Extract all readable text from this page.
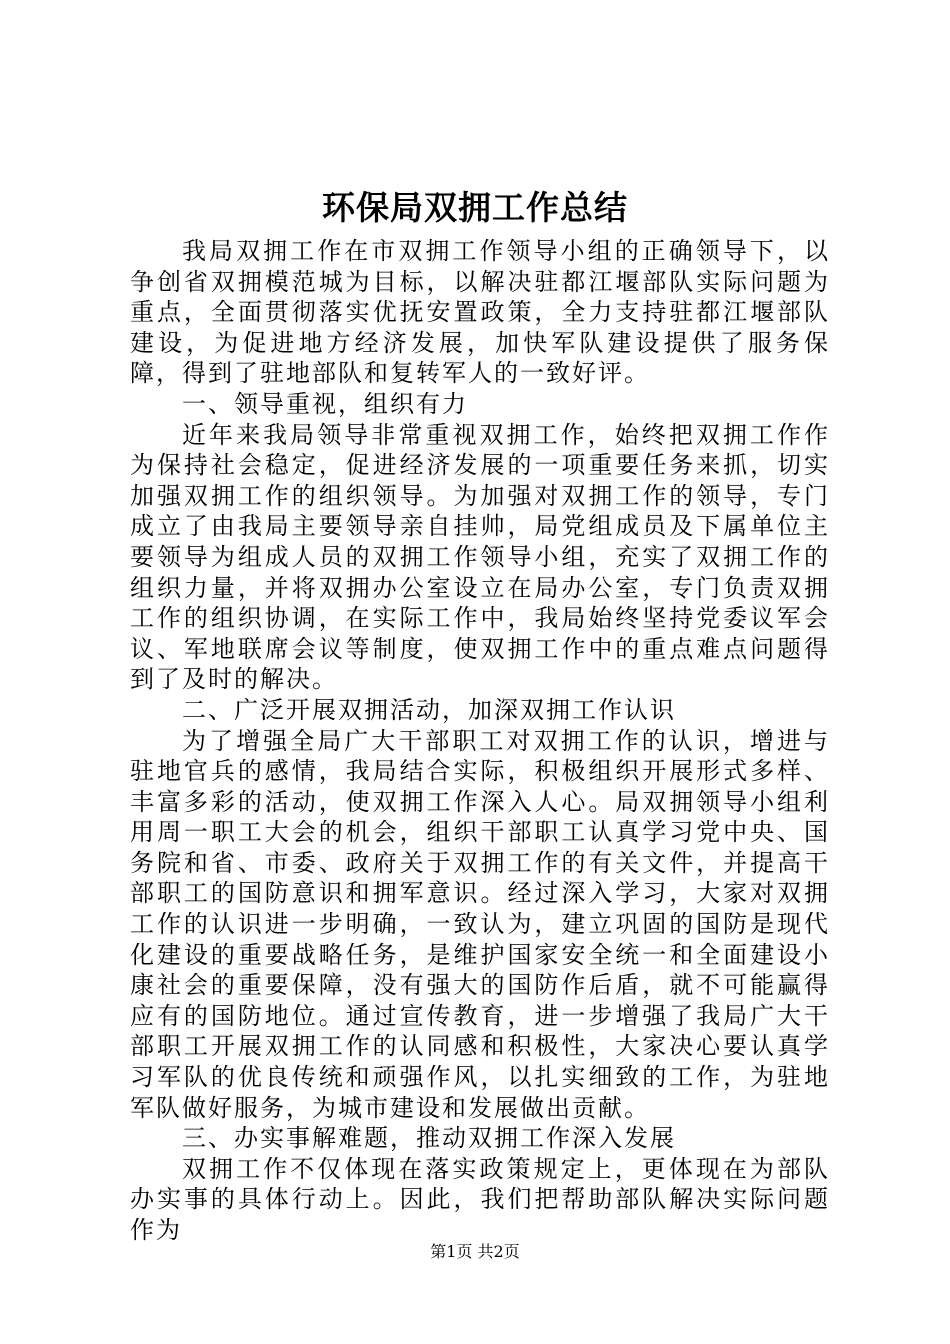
环保局双拥工作总结

我局双拥工作在市双拥工作领导小组的正确领导下，以争创省双拥模范城为目标，以解决驻都江堰部队实际问题为重点，全面贯彻落实优抚安置政策，全力支持驻都江堰部队建设，为促进地方经济发展，加快军队建设提供了服务保障，得到了驻地部队和复转军人的一致好评。

一、领导重视，组织有力

近年来我局领导非常重视双拥工作，始终把双拥工作作为保持社会稳定，促进经济发展的一项重要任务来抓，切实加强双拥工作的组织领导。为加强对双拥工作的领导，专门成立了由我局主要领导亲自挂帅，局党组成员及下属单位主要领导为组成人员的双拥工作领导小组，充实了双拥工作的组织力量，并将双拥办公室设立在局办公室，专门负责双拥工作的组织协调，在实际工作中，我局始终坚持党委议军会议、军地联席会议等制度，使双拥工作中的重点难点问题得到了及时的解决。

二、广泛开展双拥活动，加深双拥工作认识

为了增强全局广大干部职工对双拥工作的认识，增进与驻地官兵的感情，我局结合实际，积极组织开展形式多样、丰富多彩的活动，使双拥工作深入人心。局双拥领导小组利用周一职工大会的机会，组织干部职工认真学习党中央、国务院和省、市委、政府关于双拥工作的有关文件，并提高干部职工的国防意识和拥军意识。经过深入学习，大家对双拥工作的认识进一步明确，一致认为，建立巩固的国防是现代化建设的重要战略任务，是维护国家安全统一和全面建设小康社会的重要保障，没有强大的国防作后盾，就不可能赢得应有的国防地位。通过宣传教育，进一步增强了我局广大干部职工开展双拥工作的认同感和积极性，大家决心要认真学习军队的优良传统和顽强作风，以扎实细致的工作，为驻地军队做好服务，为城市建设和发展做出贡献。

三、办实事解难题，推动双拥工作深入发展

双拥工作不仅体现在落实政策规定上，更体现在为部队办实事的具体行动上。因此，我们把帮助部队解决实际问题作为

第1页 共2页
